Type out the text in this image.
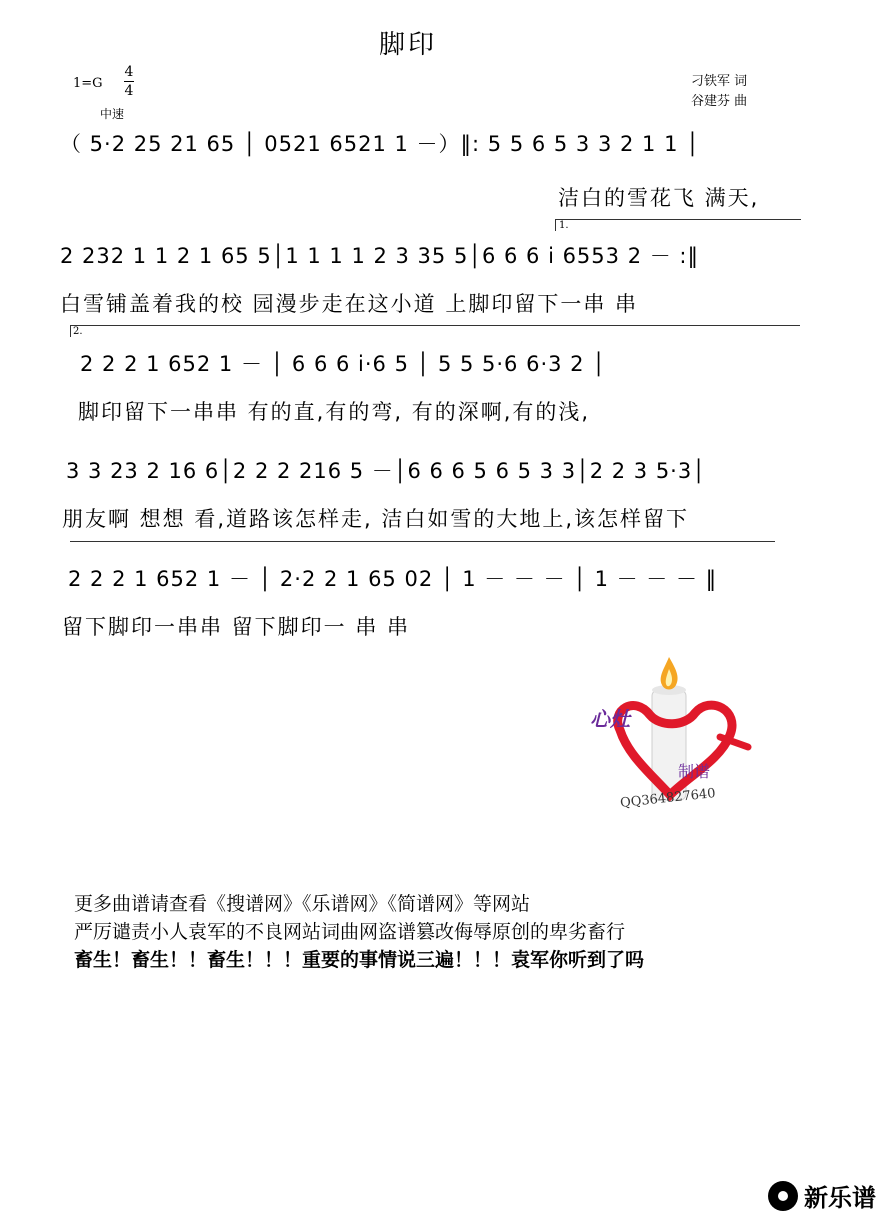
脚印
1=G
4
4
中速
刁铁军 词
谷建芬 曲
（ 5·2 25 21 65 │ 0521 6521 1 －）‖: 5 5 6 5 3 3 2 1 1 │
洁白的雪花飞 满天,
1.
2 232 1 1 2 1 65 5│1 1 1 1 2 3 35 5│6 6 6 i 6553 2 － :‖
白雪铺盖着我的校 园漫步走在这小道 上脚印留下一串 串
2.
2 2 2 1 652 1 － │ 6 6 6 i·6 5 │ 5 5 5·6 6·3 2 │
脚印留下一串串 有的直,有的弯, 有的深啊,有的浅,
3 3 23 2 16 6│2 2 2 216 5 －│6 6 6 5 6 5 3 3│2 2 3 5·3│
朋友啊 想想 看,道路该怎样走, 洁白如雪的大地上,该怎样留下
2 2 2 1 652 1 － │ 2·2 2 1 65 02 │ 1 － － － │ 1 － － － ‖
留下脚印一串串 留下脚印一 串 串
心灶
制谱
QQ364827640
更多曲谱请查看《搜谱网》《乐谱网》《简谱网》等网站
严厉谴责小人袁军的不良网站词曲网盗谱篡改侮辱原创的卑劣畜行
畜生！畜生！！畜生！！！重要的事情说三遍！！！袁军你听到了吗
新乐谱
